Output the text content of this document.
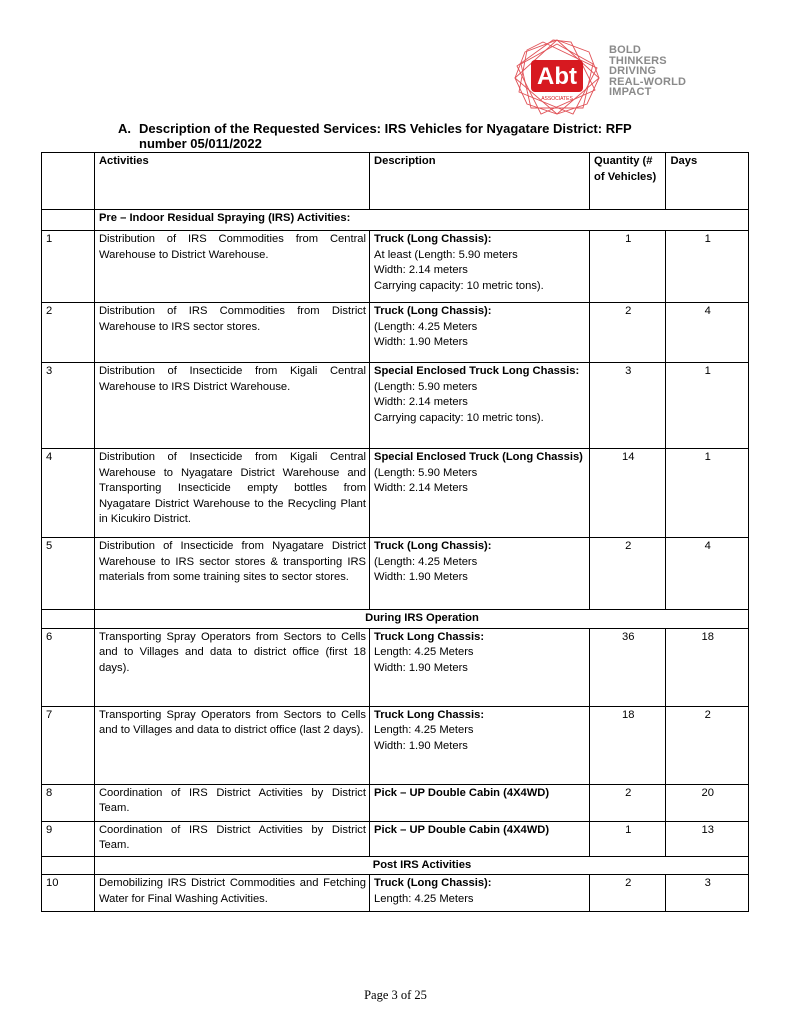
Abt
ASSOCIATES
BOLD
THINKERS
DRIVING
REAL-WORLD
IMPACT
A. Description of the Requested Services: IRS Vehicles for Nyagatare District: RFP number 05/011/2022
	Activities	Description	Quantity (# of Vehicles)	Days
	Pre – Indoor Residual Spraying (IRS) Activities:			
1	Distribution of IRS Commodities from Central Warehouse to District Warehouse.	Truck (Long Chassis):
At least (Length: 5.90 meters
Width: 2.14 meters
Carrying capacity: 10 metric tons).	1	1
2	Distribution of IRS Commodities from District Warehouse to IRS sector stores.	Truck (Long Chassis):
(Length: 4.25 Meters
Width: 1.90 Meters	2	4
3	Distribution of Insecticide from Kigali Central Warehouse to IRS District Warehouse.	Special Enclosed Truck Long Chassis:
(Length: 5.90 meters
Width: 2.14 meters
Carrying capacity: 10 metric tons).	3	1
4	Distribution of Insecticide from Kigali Central Warehouse to Nyagatare District Warehouse and Transporting Insecticide empty bottles from Nyagatare District Warehouse to the Recycling Plant in Kicukiro District.	Special Enclosed Truck (Long Chassis) (Length: 5.90 Meters
Width: 2.14 Meters	14	1
5	Distribution of Insecticide from Nyagatare District Warehouse to IRS sector stores & transporting IRS materials from some training sites to sector stores.	Truck (Long Chassis):
(Length: 4.25 Meters
Width: 1.90 Meters	2	4
	During IRS Operation			
6	Transporting Spray Operators from Sectors to Cells and to Villages and data to district office (first 18 days).	Truck Long Chassis:
Length: 4.25 Meters
Width: 1.90 Meters	36	18
7	Transporting Spray Operators from Sectors to Cells and to Villages and data to district office (last 2 days).	Truck Long Chassis:
Length: 4.25 Meters
Width: 1.90 Meters	18	2
8	Coordination of IRS District Activities by District Team.	Pick – UP Double Cabin (4X4WD)	2	20
9	Coordination of IRS District Activities by District Team.	Pick – UP Double Cabin (4X4WD)	1	13
	Post IRS Activities			
10	Demobilizing IRS District Commodities and Fetching Water for Final Washing Activities.	Truck (Long Chassis):
Length: 4.25 Meters	2	3
Page 3 of 25
